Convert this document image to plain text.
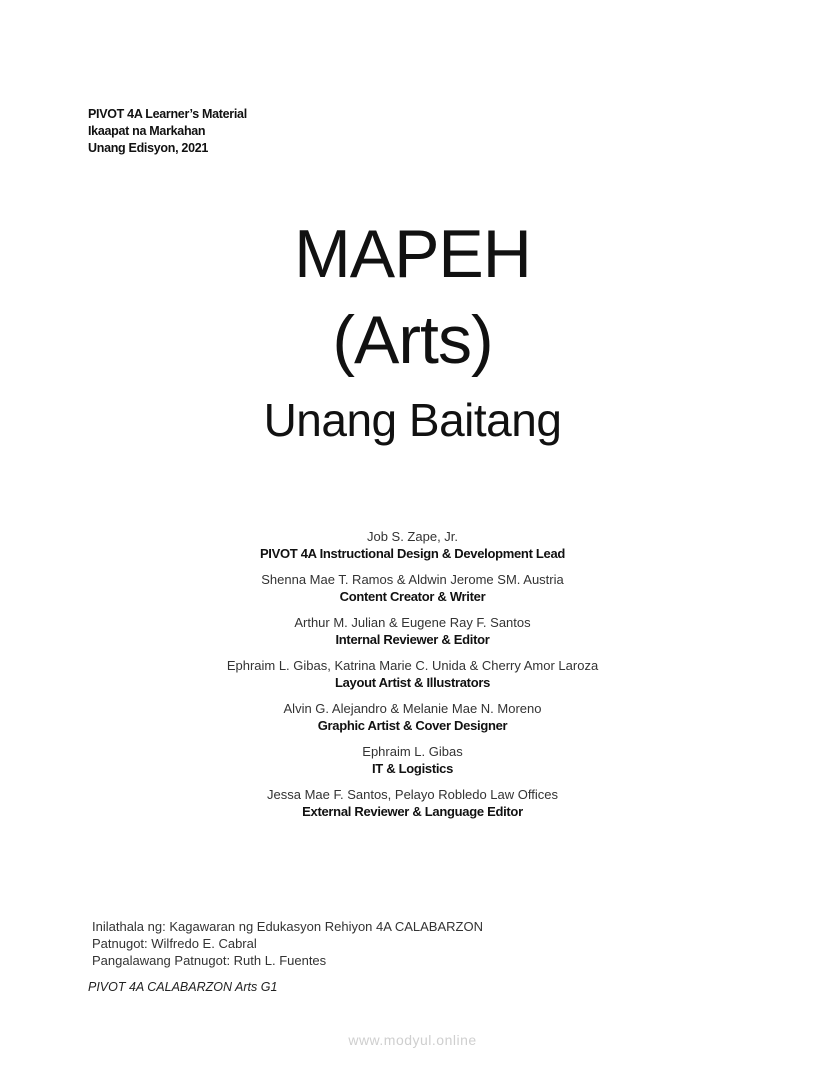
PIVOT 4A Learner’s Material
Ikaapat na Markahan
Unang Edisyon, 2021
MAPEH
(Arts)
Unang Baitang
Job S. Zape, Jr.
PIVOT 4A Instructional Design & Development Lead
Shenna Mae T. Ramos & Aldwin Jerome SM. Austria
Content Creator & Writer
Arthur M. Julian & Eugene Ray F. Santos
Internal Reviewer & Editor
Ephraim L. Gibas, Katrina Marie C. Unida & Cherry Amor Laroza
Layout Artist & Illustrators
Alvin G. Alejandro & Melanie Mae N. Moreno
Graphic Artist & Cover Designer
Ephraim L. Gibas
IT & Logistics
Jessa Mae F. Santos, Pelayo Robledo Law Offices
External Reviewer & Language Editor
Inilathala ng: Kagawaran ng Edukasyon Rehiyon 4A CALABARZON
Patnugot: Wilfredo E. Cabral
Pangalawang Patnugot: Ruth L. Fuentes
PIVOT 4A CALABARZON Arts G1
www.modyul.online
